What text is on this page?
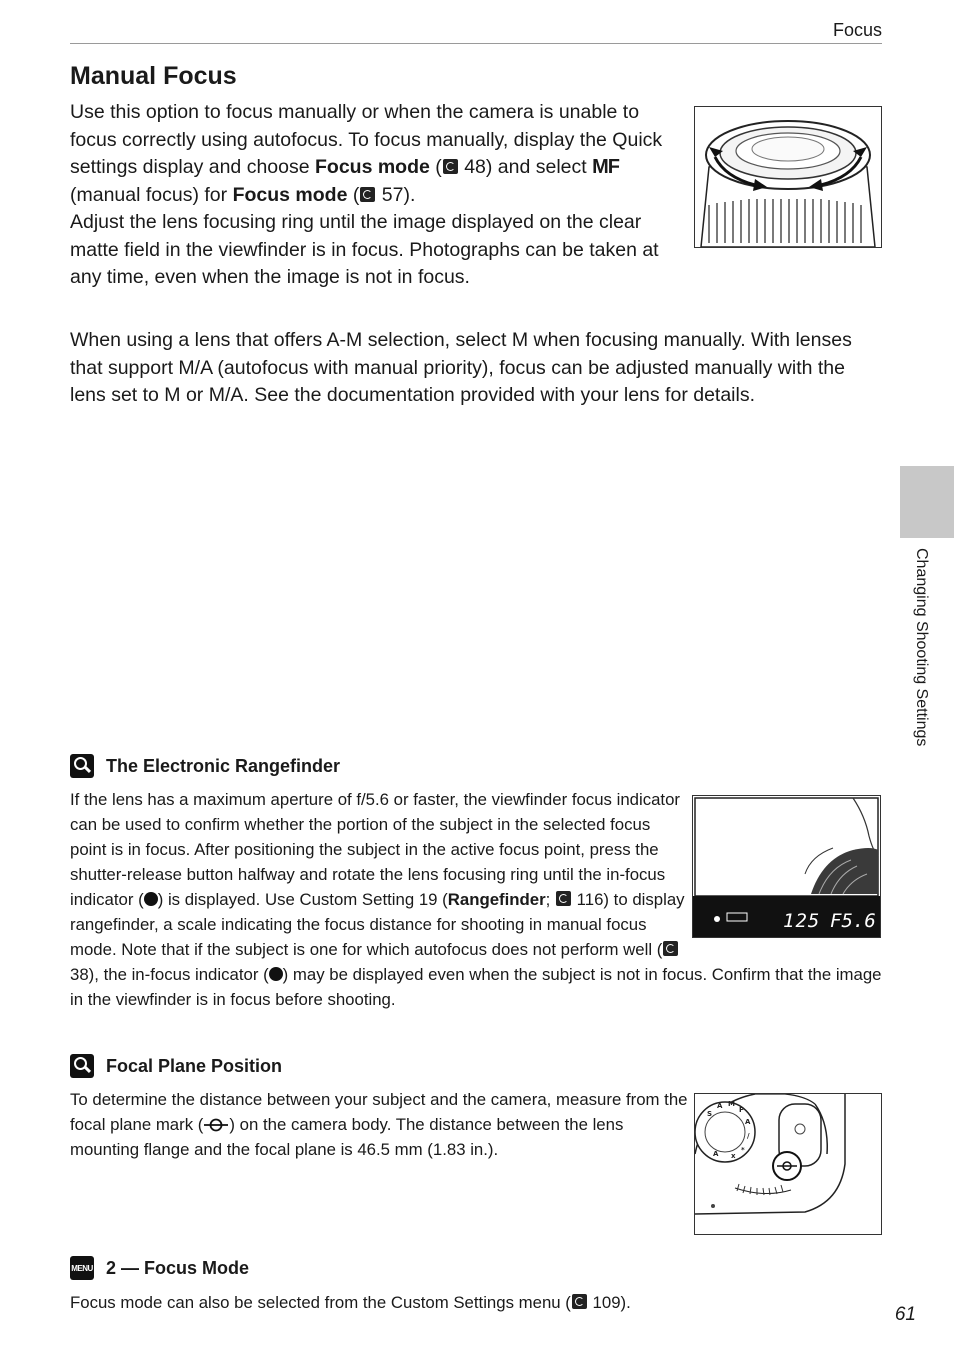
Focus
Manual Focus

Use this option to focus manually or when the camera is unable to focus correctly using autofocus. To focus manually, display the Quick settings display and choose Focus mode ( 48) and select MF (manual focus) for Focus mode ( 57).

Adjust the lens focusing ring until the image displayed on the clear matte field in the viewfinder is in focus. Photographs can be taken at any time, even when the image is not in focus.

When using a lens that offers A-M selection, select M when focusing manually. With lenses that support M/A (autofocus with manual priority), focus can be adjusted manually with the lens set to M or M/A. See the documentation provided with your lens for details.

The Electronic Rangefinder
125 F5.6

If the lens has a maximum aperture of f/5.6 or faster, the viewfinder focus indicator can be used to confirm whether the portion of the subject in the selected focus point is in focus. After positioning the subject in the active focus point, press the shutter-release button halfway and rotate the lens focusing ring until the in-focus indicator ( ) is displayed. Use Custom Setting 19 (Rangefinder;  116) to display rangefinder, a scale indicating the focus distance for shooting in manual focus mode. Note that if the subject is one for which autofocus does not perform well ( 38), the in-focus indicator ( ) may be displayed even when the subject is not in focus. Confirm that the image in the viewfinder is in focus before shooting.

Focal Plane Position

To determine the distance between your subject and the camera, measure from the focal plane mark ( ) on the camera body. The distance between the lens mounting flange and the focal plane is 46.5 mm (1.83 in.).

S
A M
P
A
/
*
x
A
MENU 2 — Focus Mode

Focus mode can also be selected from the Custom Settings menu ( 109).

Changing Shooting Settings
61
